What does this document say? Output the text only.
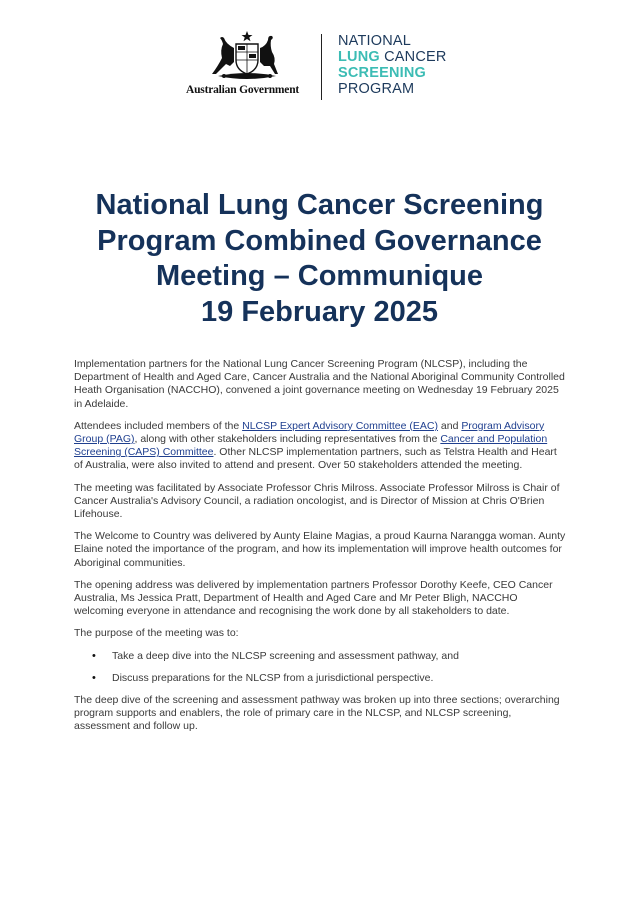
Australian Government
NATIONAL
LUNG CANCER
SCREENING
PROGRAM
National Lung Cancer Screening
Program Combined Governance
Meeting – Communique
19 February 2025

Implementation partners for the National Lung Cancer Screening Program (NLCSP), including the Department of Health and Aged Care, Cancer Australia and the National Aboriginal Community Controlled Heath Organisation (NACCHO), convened a joint governance meeting on Wednesday 19 February 2025 in Adelaide.

Attendees included members of the NLCSP Expert Advisory Committee (EAC) and Program Advisory Group (PAG), along with other stakeholders including representatives from the Cancer and Population Screening (CAPS) Committee. Other NLCSP implementation partners, such as Telstra Health and Heart of Australia, were also invited to attend and present. Over 50 stakeholders attended the meeting.

The meeting was facilitated by Associate Professor Chris Milross. Associate Professor Milross is Chair of Cancer Australia's Advisory Council, a radiation oncologist, and is Director of Mission at Chris O'Brien Lifehouse.

The Welcome to Country was delivered by Aunty Elaine Magias, a proud Kaurna Narangga woman. Aunty Elaine noted the importance of the program, and how its implementation will improve health outcomes for Aboriginal communities.

The opening address was delivered by implementation partners Professor Dorothy Keefe, CEO Cancer Australia, Ms Jessica Pratt, Department of Health and Aged Care and Mr Peter Bligh, NACCHO welcoming everyone in attendance and recognising the work done by all stakeholders to date.

The purpose of the meeting was to:

• Take a deep dive into the NLCSP screening and assessment pathway, and
• Discuss preparations for the NLCSP from a jurisdictional perspective.

The deep dive of the screening and assessment pathway was broken up into three sections; overarching program supports and enablers, the role of primary care in the NLCSP, and NLCSP screening, assessment and follow up.
